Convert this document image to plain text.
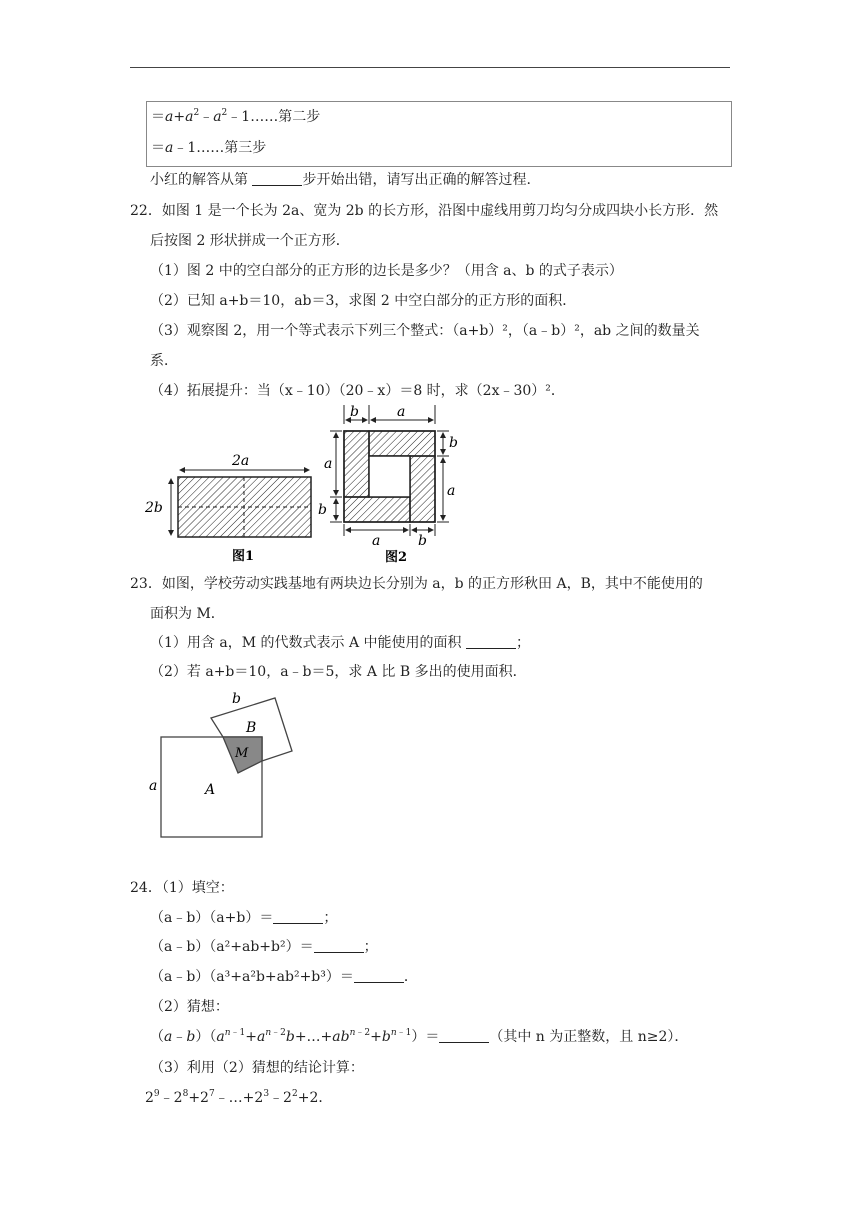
$=a+a^2﹣a^2﹣1\dots\dots$第二步
＝a﹣1……第三步
小红的解答从第	步开始出错，请写出正确的解答过程.
22．如图 1 是一个长为 2a、宽为 2b 的长方形，沿图中虚线用剪刀均匀分成四块小长方形．然
后按图 2 形状拼成一个正方形．
（1）图 2 中的空白部分的正方形的边长是多少？（用含 a、b 的式子表示）
（2）已知 a+b＝10，ab＝3，求图 2 中空白部分的正方形的面积．
（3）观察图 2，用一个等式表示下列三个整式：（a+b）²，（a﹣b）²，ab 之间的数量关
系．
（4）拓展提升：当（x﹣10）（20﹣x）＝8 时，求（2x﹣30）²．
2a
2b
图1
b	a
a	b
a
b
b
a
图2
a	A
b
B
M
23．如图，学校劳动实践基地有两块边长分别为 a，b 的正方形秋田 A，B，其中不能使用的
面积为 M．
（1）用含 a，M 的代数式表示 A 中能使用的面积	；
（2）若 a+b＝10，a﹣b＝5，求 A 比 B 多出的使用面积．
24．（1）填空：
（a﹣b）（a+b）＝	；
（a﹣b）（a²+ab+b²）＝	；
（a﹣b）（a³+a²b+ab²+b³）＝	．
（2）猜想：
$(a﹣b)(a^{n﹣1}+a^{n﹣2}b+\dots+ab^{n﹣2}+b^{n﹣1})=$	（其中 n 为正整数，且 n≥2）．
（3）利用（2）猜想的结论计算：
$2^9﹣2^8+2^7﹣\dots+2^3﹣2^2+2$．
